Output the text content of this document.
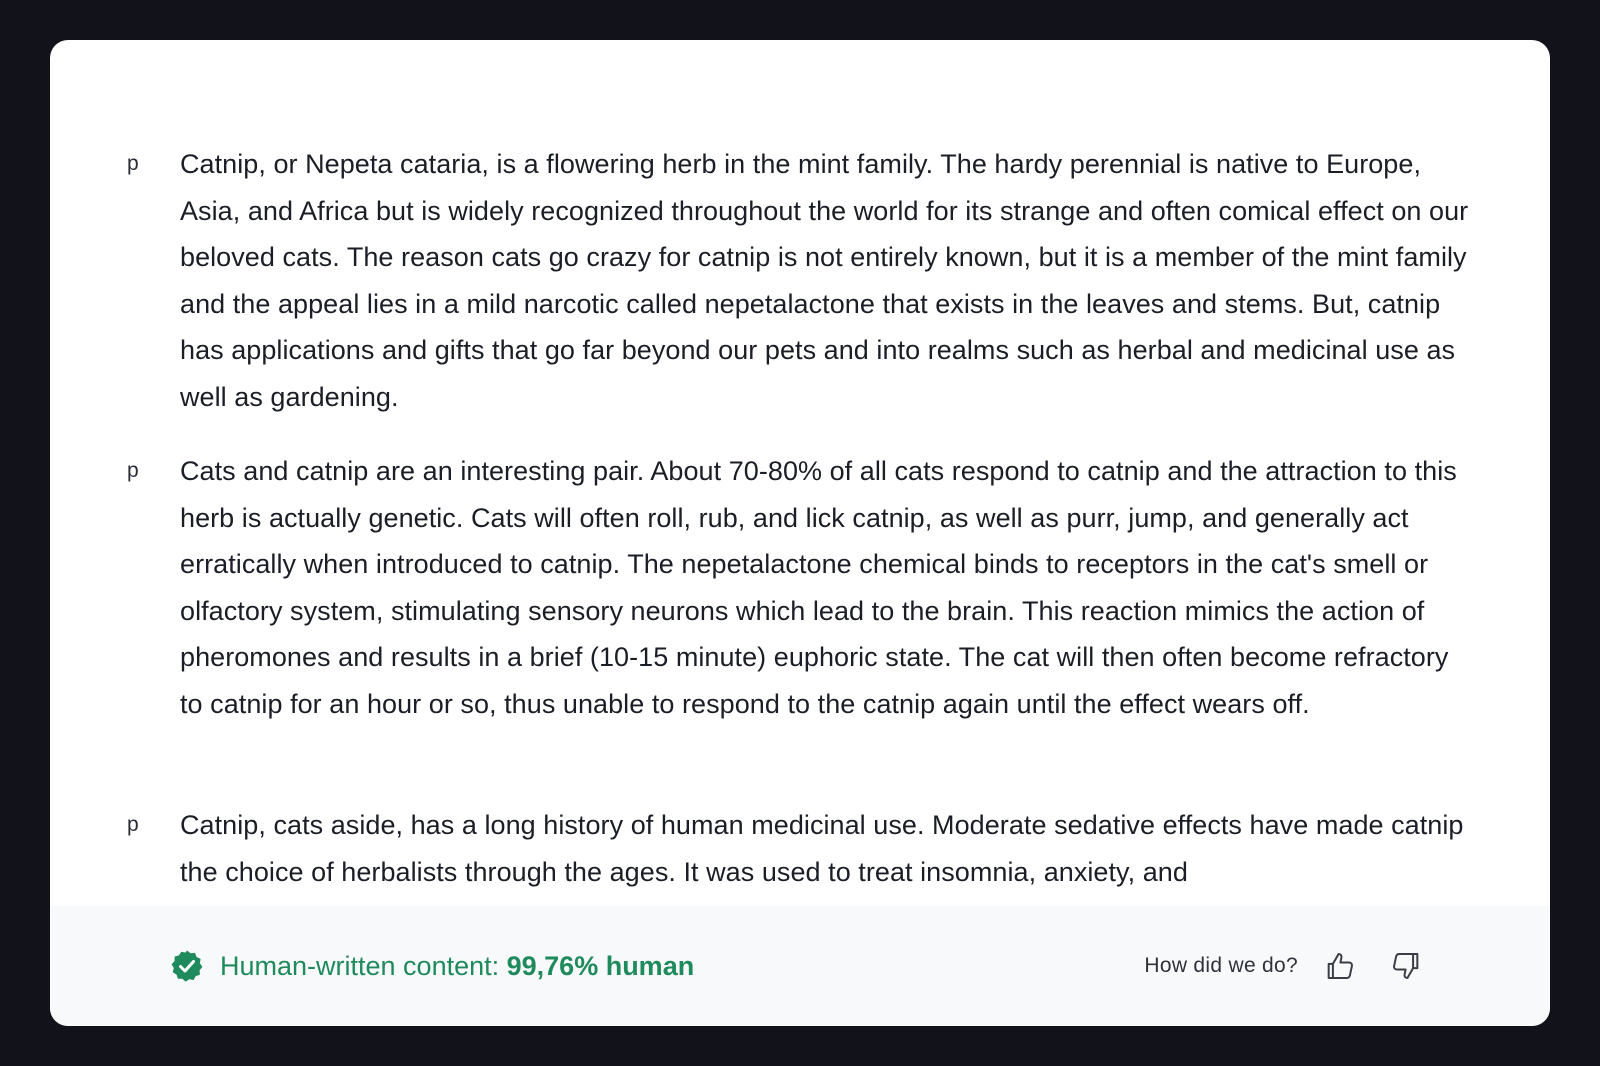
p Catnip, or Nepeta cataria, is a flowering herb in the mint family. The hardy perennial is native to Europe, Asia, and Africa but is widely recognized throughout the world for its strange and often comical effect on our beloved cats. The reason cats go crazy for catnip is not entirely known, but it is a member of the mint family and the appeal lies in a mild narcotic called nepetalactone that exists in the leaves and stems. But, catnip has applications and gifts that go far beyond our pets and into realms such as herbal and medicinal use as well as gardening.

p Cats and catnip are an interesting pair. About 70-80% of all cats respond to catnip and the attraction to this herb is actually genetic. Cats will often roll, rub, and lick catnip, as well as purr, jump, and generally act erratically when introduced to catnip. The nepetalactone chemical binds to receptors in the cat's smell or olfactory system, stimulating sensory neurons which lead to the brain. This reaction mimics the action of pheromones and results in a brief (10-15 minute) euphoric state. The cat will then often become refractory to catnip for an hour or so, thus unable to respond to the catnip again until the effect wears off.

p Catnip, cats aside, has a long history of human medicinal use. Moderate sedative effects have made catnip the choice of herbalists through the ages. It was used to treat insomnia, anxiety, and

Human-written content: 99,76% human	How did we do?
